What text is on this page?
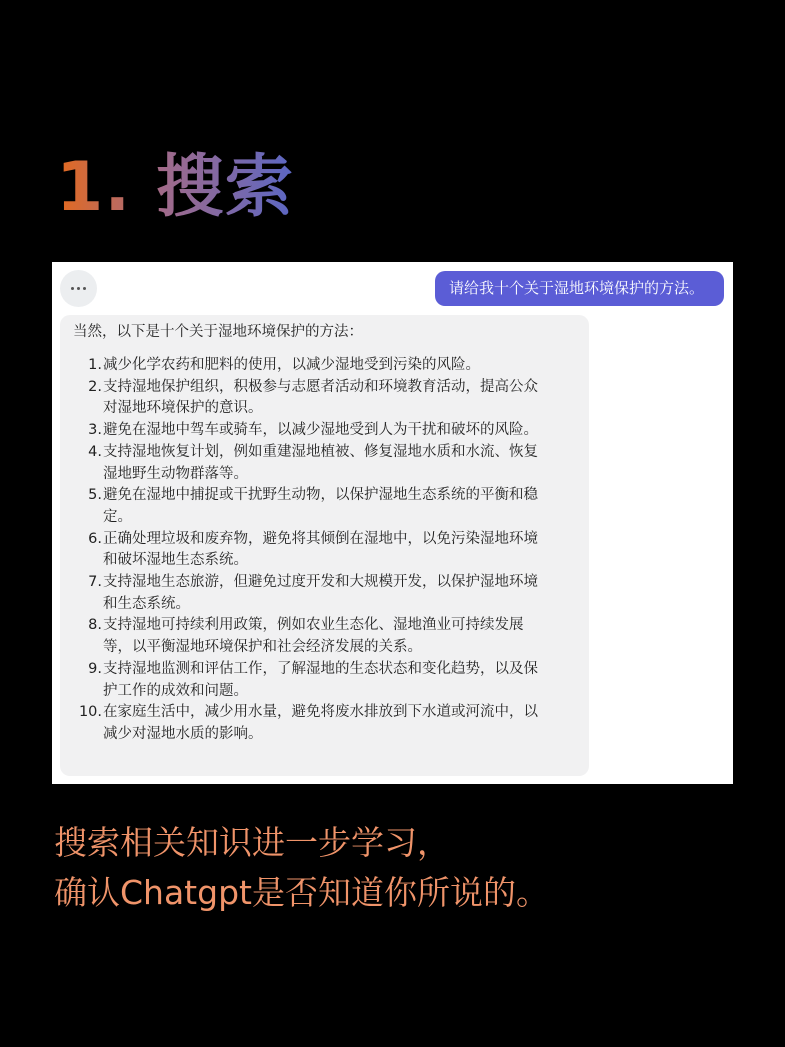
1. 搜索
请给我十个关于湿地环境保护的方法。
当然，以下是十个关于湿地环境保护的方法：
1. 减少化学农药和肥料的使用，以减少湿地受到污染的风险。
2. 支持湿地保护组织，积极参与志愿者活动和环境教育活动，提高公众
对湿地环境保护的意识。
3. 避免在湿地中驾车或骑车，以减少湿地受到人为干扰和破坏的风险。
4. 支持湿地恢复计划，例如重建湿地植被、修复湿地水质和水流、恢复
湿地野生动物群落等。
5. 避免在湿地中捕捉或干扰野生动物，以保护湿地生态系统的平衡和稳
定。
6. 正确处理垃圾和废弃物，避免将其倾倒在湿地中，以免污染湿地环境
和破坏湿地生态系统。
7. 支持湿地生态旅游，但避免过度开发和大规模开发，以保护湿地环境
和生态系统。
8. 支持湿地可持续利用政策，例如农业生态化、湿地渔业可持续发展
等，以平衡湿地环境保护和社会经济发展的关系。
9. 支持湿地监测和评估工作，了解湿地的生态状态和变化趋势，以及保
护工作的成效和问题。
10. 在家庭生活中，减少用水量，避免将废水排放到下水道或河流中，以
减少对湿地水质的影响。
搜索相关知识进一步学习，
确认Chatgpt是否知道你所说的。
